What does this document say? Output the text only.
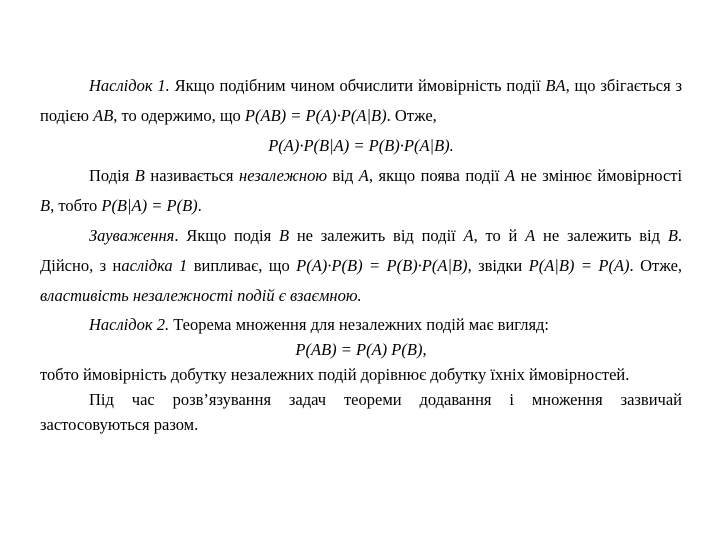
Наслідок 1. Якщо подібним чином обчислити ймовірність події BA, що збігається з подією AB, то одержимо, що P(AB) = P(A)·P(A|B). Отже,

P(A)·P(B|A) = P(B)·P(A|B).

Подія B називається незалежною від A, якщо поява події A не змінює ймовірності B, тобто P(B|A) = P(B).

Зауваження. Якщо подія B не залежить від події A, то й A не залежить від B. Дійсно, з наслідка 1 випливає, що P(A)·P(B) = P(B)·P(A|B), звідки P(A|B) = P(A). Отже, властивість незалежності подій є взаємною.

Наслідок 2. Теорема множення для незалежних подій має вигляд:

P(AB) = P(A) P(B),

тобто ймовірність добутку незалежних подій дорівнює добутку їхніх ймовірностей.

Під час розв’язування задач теореми додавання і множення зазвичай застосовуються разом.
